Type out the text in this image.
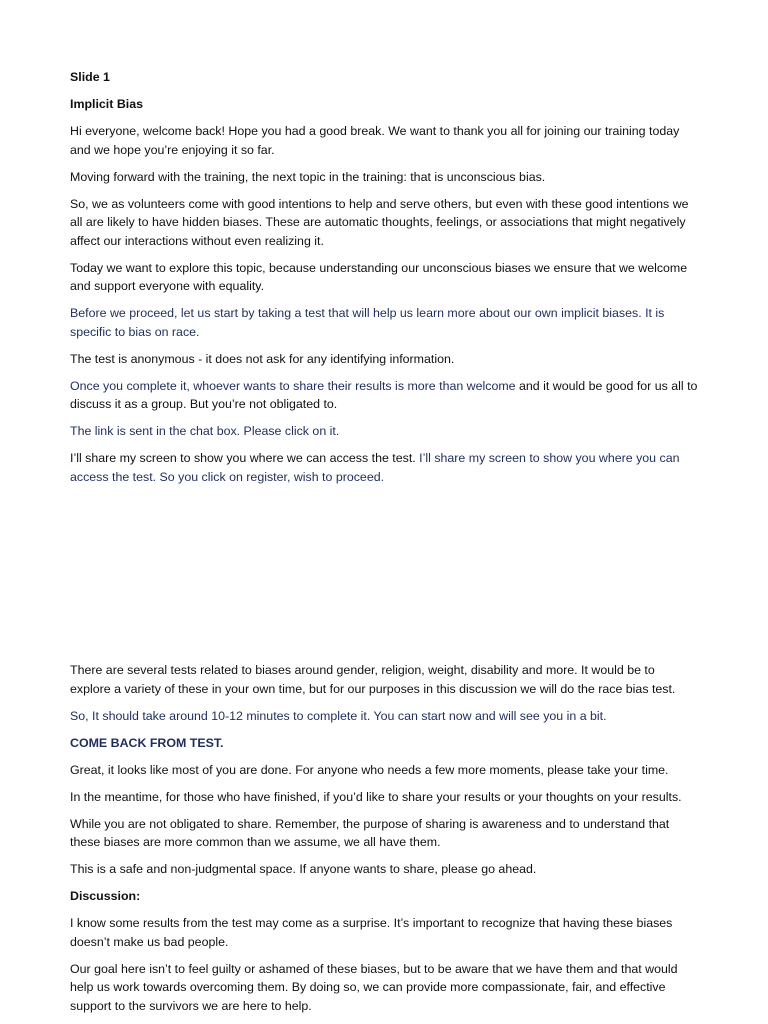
Slide 1

Implicit Bias

Hi everyone, welcome back! Hope you had a good break. We want to thank you all for joining our training today and we hope you’re enjoying it so far.

Moving forward with the training, the next topic in the training: that is unconscious bias.

So, we as volunteers come with good intentions to help and serve others, but even with these good intentions we all are likely to have hidden biases. These are automatic thoughts, feelings, or associations that might negatively affect our interactions without even realizing it.

Today we want to explore this topic, because understanding our unconscious biases we ensure that we welcome and support everyone with equality.

Before we proceed, let us start by taking a test that will help us learn more about our own implicit biases. It is specific to bias on race.

The test is anonymous - it does not ask for any identifying information.

Once you complete it, whoever wants to share their results is more than welcome and it would be good for us all to discuss it as a group. But you’re not obligated to.

The link is sent in the chat box. Please click on it.

I’ll share my screen to show you where we can access the test. I’ll share my screen to show you where you can access the test. So you click on register, wish to proceed.

There are several tests related to biases around gender, religion, weight, disability and more. It would be to explore a variety of these in your own time, but for our purposes in this discussion we will do the race bias test.

So, It should take around 10-12 minutes to complete it. You can start now and will see you in a bit.

COME BACK FROM TEST.

Great, it looks like most of you are done. For anyone who needs a few more moments, please take your time.

In the meantime, for those who have finished, if you’d like to share your results or your thoughts on your results.

While you are not obligated to share. Remember, the purpose of sharing is awareness and to understand that these biases are more common than we assume, we all have them.

This is a safe and non-judgmental space. If anyone wants to share, please go ahead.

Discussion:

I know some results from the test may come as a surprise. It’s important to recognize that having these biases doesn’t make us bad people.

Our goal here isn’t to feel guilty or ashamed of these biases, but to be aware that we have them and that would help us work towards overcoming them. By doing so, we can provide more compassionate, fair, and effective support to the survivors we are here to help.
